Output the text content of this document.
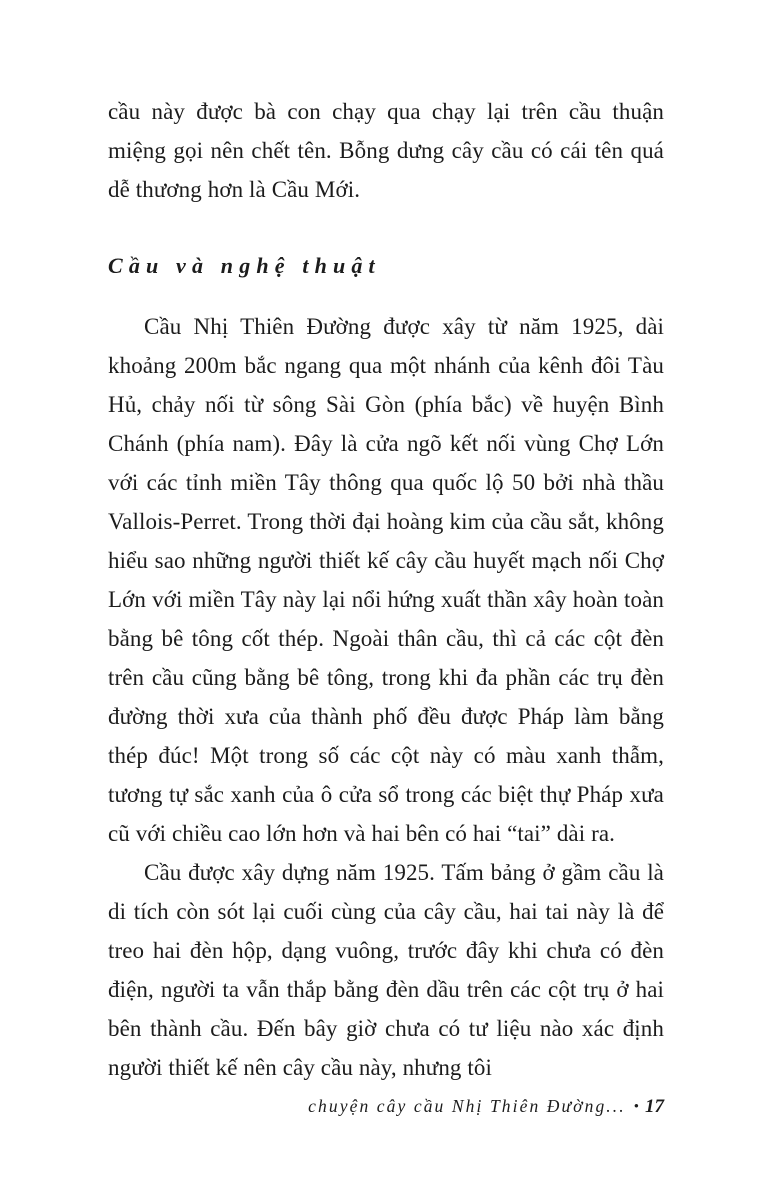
cầu này được bà con chạy qua chạy lại trên cầu thuận miệng gọi nên chết tên. Bỗng dưng cây cầu có cái tên quá dễ thương hơn là Cầu Mới.

Cầu và nghệ thuật

Cầu Nhị Thiên Đường được xây từ năm 1925, dài khoảng 200m bắc ngang qua một nhánh của kênh đôi Tàu Hủ, chảy nối từ sông Sài Gòn (phía bắc) về huyện Bình Chánh (phía nam). Đây là cửa ngõ kết nối vùng Chợ Lớn với các tỉnh miền Tây thông qua quốc lộ 50 bởi nhà thầu Vallois-Perret. Trong thời đại hoàng kim của cầu sắt, không hiểu sao những người thiết kế cây cầu huyết mạch nối Chợ Lớn với miền Tây này lại nổi hứng xuất thần xây hoàn toàn bằng bê tông cốt thép. Ngoài thân cầu, thì cả các cột đèn trên cầu cũng bằng bê tông, trong khi đa phần các trụ đèn đường thời xưa của thành phố đều được Pháp làm bằng thép đúc! Một trong số các cột này có màu xanh thẫm, tương tự sắc xanh của ô cửa sổ trong các biệt thự Pháp xưa cũ với chiều cao lớn hơn và hai bên có hai “tai” dài ra.

Cầu được xây dựng năm 1925. Tấm bảng ở gầm cầu là di tích còn sót lại cuối cùng của cây cầu, hai tai này là để treo hai đèn hộp, dạng vuông, trước đây khi chưa có đèn điện, người ta vẫn thắp bằng đèn dầu trên các cột trụ ở hai bên thành cầu. Đến bây giờ chưa có tư liệu nào xác định người thiết kế nên cây cầu này, nhưng tôi

chuyện cây cầu Nhị Thiên Đường... • 17
